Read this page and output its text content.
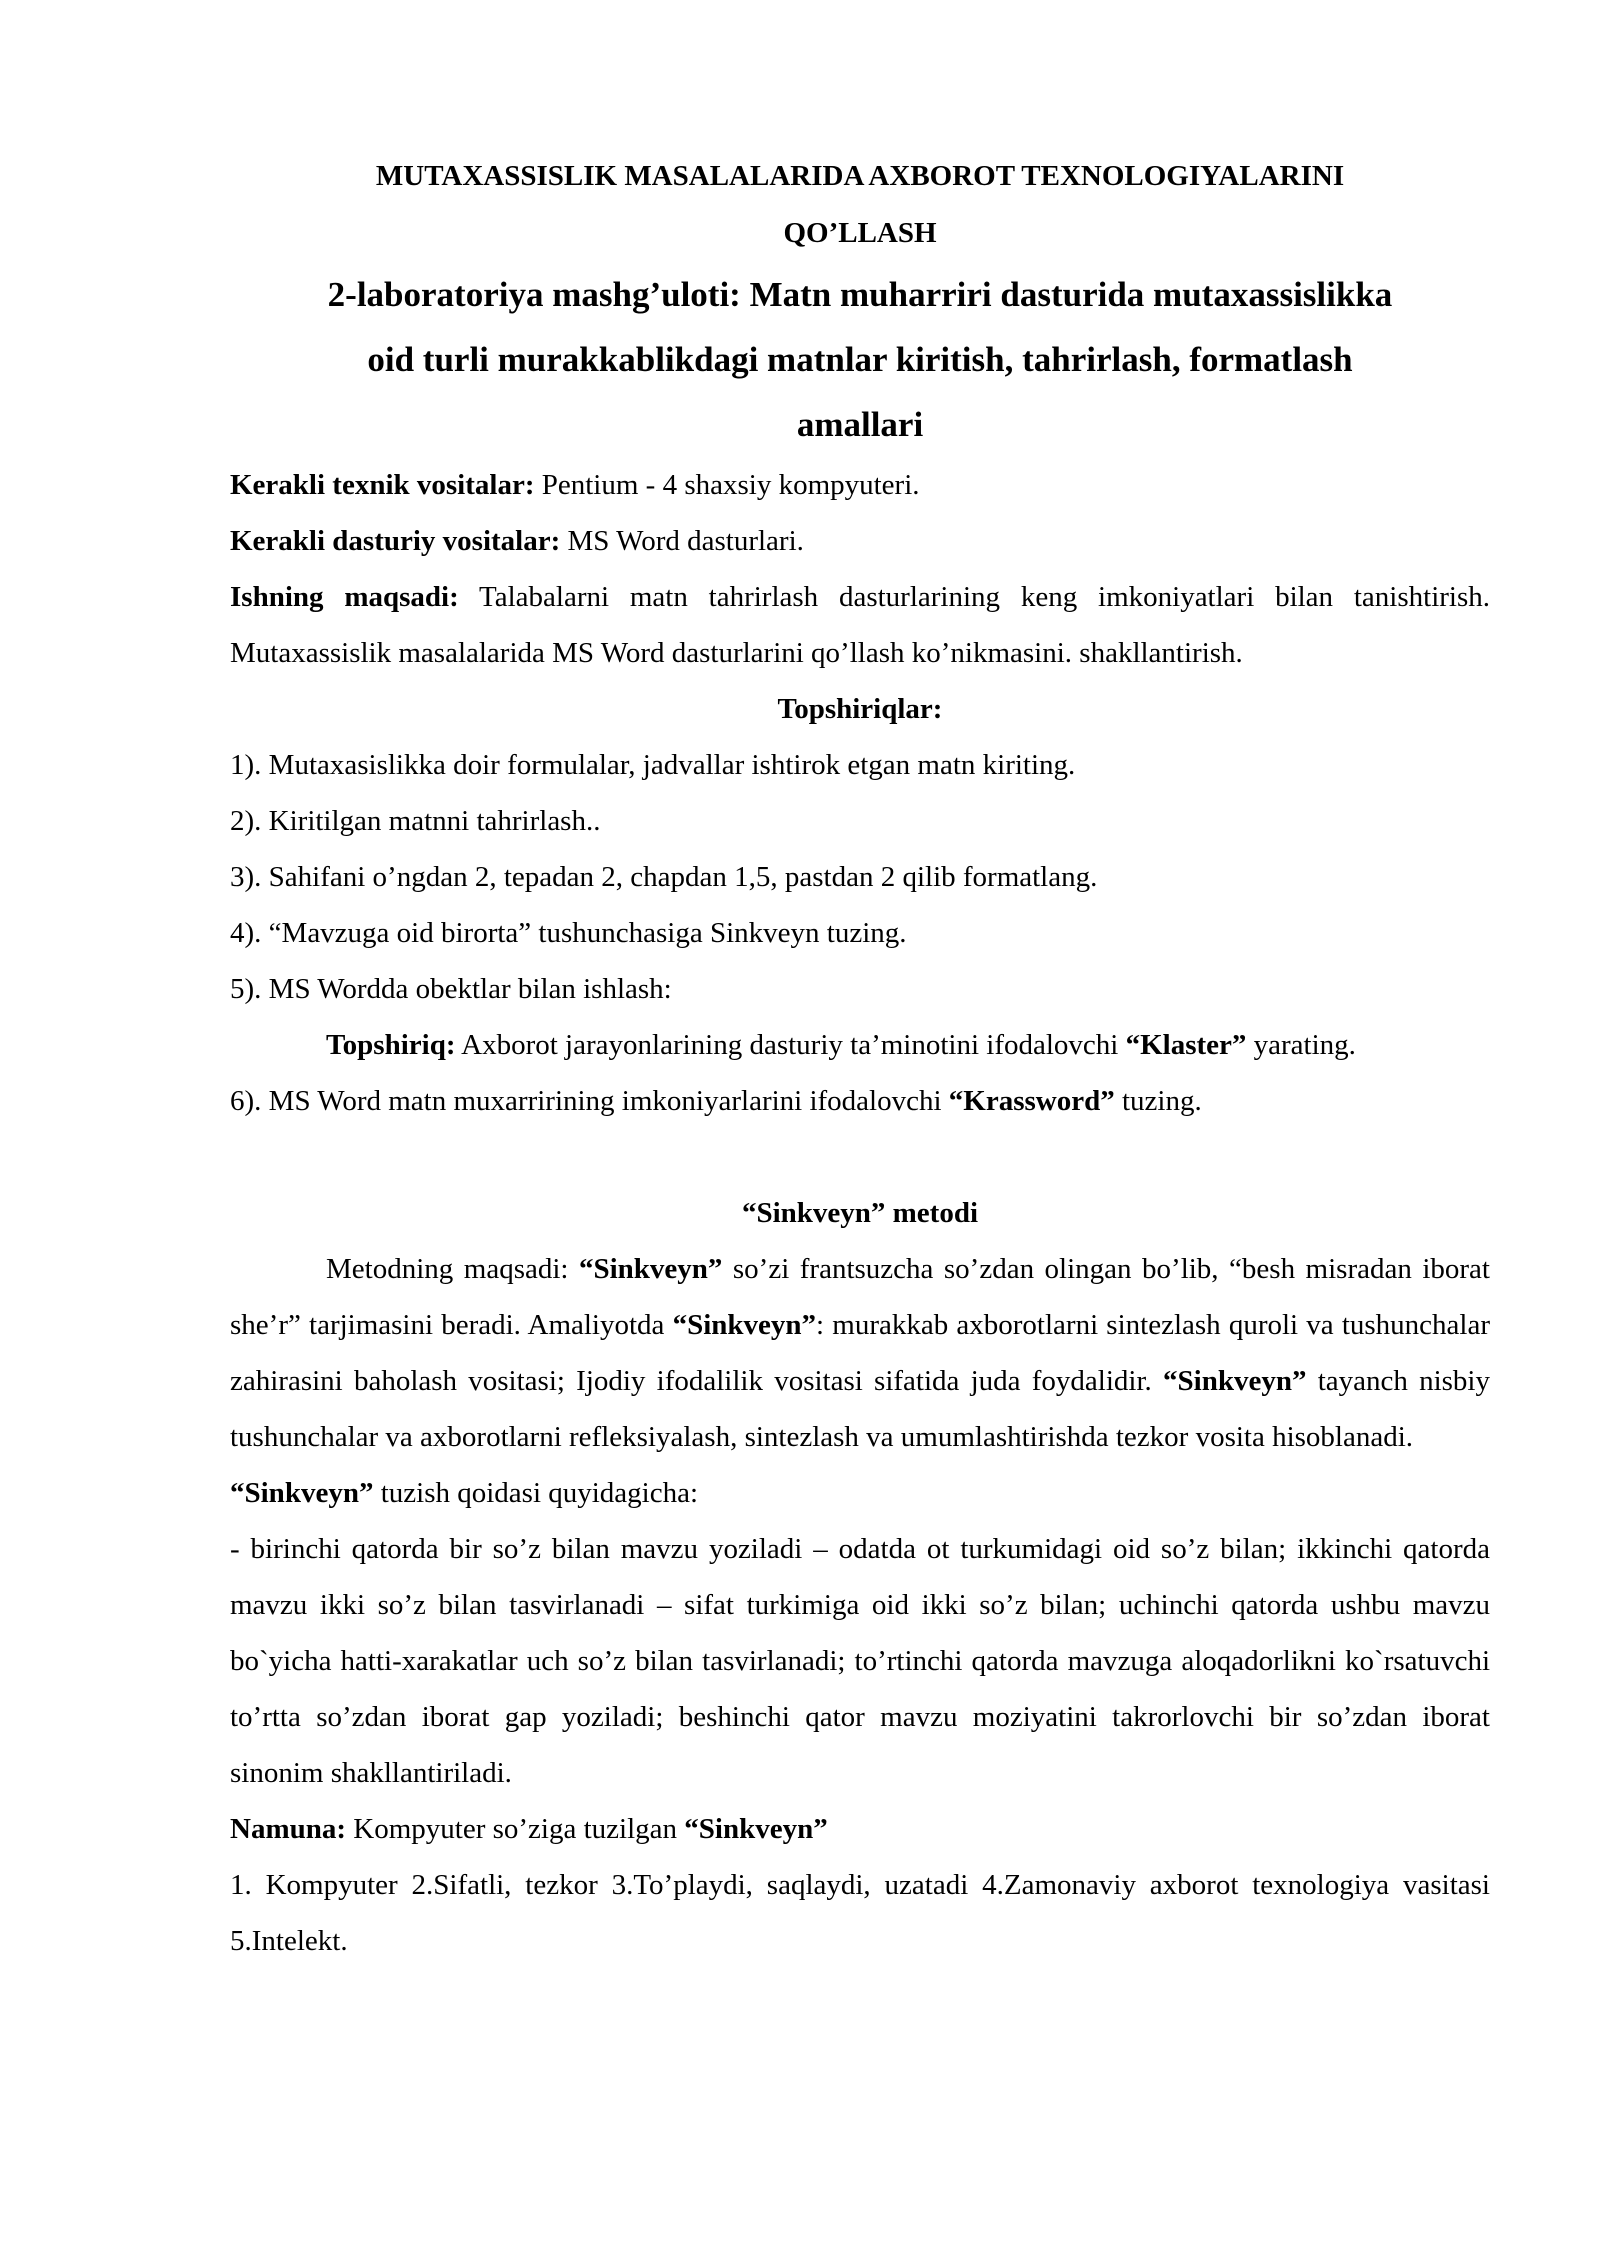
MUTAXASSISLIK MASALALARIDA AXBOROT TEXNOLOGIYALARINI
QO’LLASH
2-laboratoriya mashg’uloti: Matn muharriri dasturida mutaxassislikka
oid turli murakkablikdagi matnlar kiritish, tahrirlash, formatlash
amallari

Kerakli texnik vositalar: Pentium - 4 shaxsiy kompyuteri.

Kerakli dasturiy vositalar: MS Word dasturlari.

Ishning maqsadi: Talabalarni matn tahrirlash dasturlarining keng imkoniyatlari bilan tanishtirish. Mutaxassislik masalalarida MS Word dasturlarini qo’llash ko’nikmasini. shakllantirish.

Topshiriqlar:

1). Mutaxasislikka doir formulalar, jadvallar ishtirok etgan matn kiriting.

2). Kiritilgan matnni tahrirlash..

3). Sahifani o’ngdan 2, tepadan 2, chapdan 1,5, pastdan 2 qilib formatlang.

4). “Mavzuga oid birorta” tushunchasiga Sinkveyn tuzing.

5). MS Wordda obektlar bilan ishlash:

Topshiriq: Axborot jarayonlarining dasturiy ta’minotini ifodalovchi “Klaster” yarating.

6). MS Word matn muxarririning imkoniyarlarini ifodalovchi “Krassword” tuzing.

“Sinkveyn” metodi

Metodning maqsadi: “Sinkveyn” so’zi frantsuzcha so’zdan olingan bo’lib, “besh misradan iborat she’r” tarjimasini beradi. Amaliyotda “Sinkveyn”: murakkab axborotlarni sintezlash quroli va tushunchalar zahirasini baholash vositasi; Ijodiy ifodalilik vositasi sifatida juda foydalidir. “Sinkveyn” tayanch nisbiy tushunchalar va axborotlarni refleksiyalash, sintezlash va umumlashtirishda tezkor vosita hisoblanadi.

“Sinkveyn” tuzish qoidasi quyidagicha:

- birinchi qatorda bir so’z bilan mavzu yoziladi – odatda ot turkumidagi oid so’z bilan; ikkinchi qatorda mavzu ikki so’z bilan tasvirlanadi – sifat turkimiga oid ikki so’z bilan; uchinchi qatorda ushbu mavzu bo`yicha hatti-xarakatlar uch so’z bilan tasvirlanadi; to’rtinchi qatorda mavzuga aloqadorlikni ko`rsatuvchi to’rtta so’zdan iborat gap yoziladi; beshinchi qator mavzu moziyatini takrorlovchi bir so’zdan iborat sinonim shakllantiriladi.

Namuna: Kompyuter so’ziga tuzilgan “Sinkveyn”

1. Kompyuter 2.Sifatli, tezkor 3.To’playdi, saqlaydi, uzatadi 4.Zamonaviy axborot texnologiya vasitasi 5.Intelekt.
